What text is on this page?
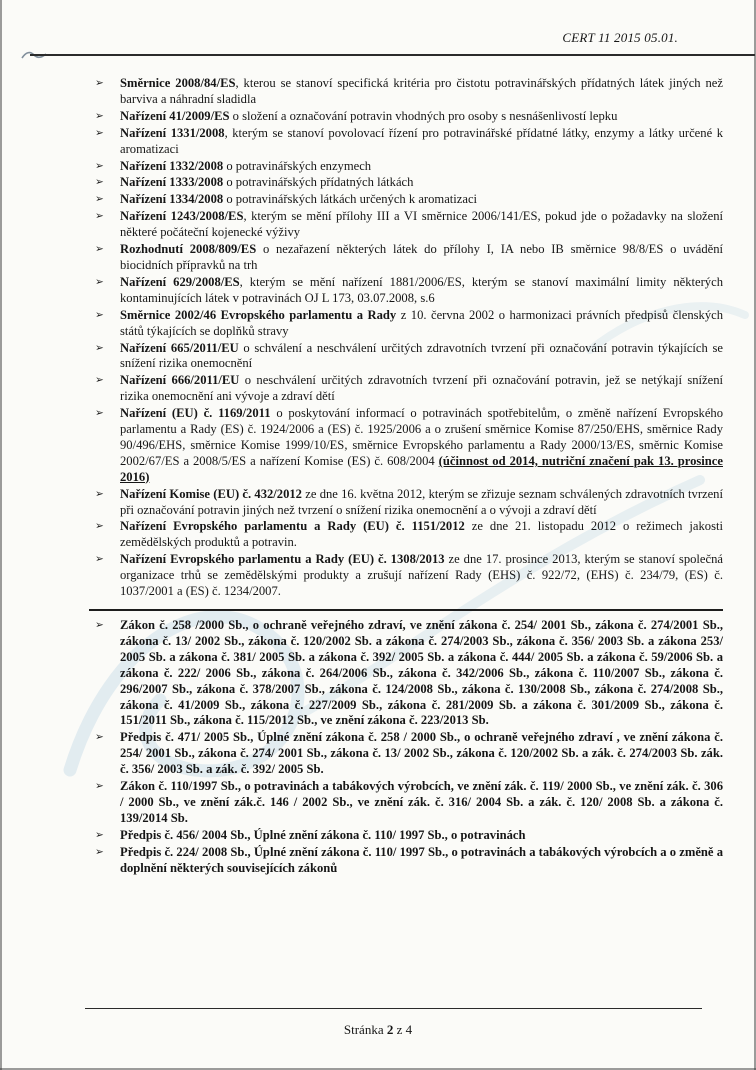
CERT 11 2015 05.01.
➢	Směrnice 2008/84/ES, kterou se stanoví specifická kritéria pro čistotu potravinářských přídatných látek jiných než barviva a náhradní sladidla
➢	Nařízení 41/2009/ES o složení a označování potravin vhodných pro osoby s nesnášenlivostí lepku
➢	Nařízení 1331/2008, kterým se stanoví povolovací řízení pro potravinářské přídatné látky, enzymy a látky určené k aromatizaci
➢	Nařízení 1332/2008 o potravinářských enzymech
➢	Nařízení 1333/2008 o potravinářských přídatných látkách
➢	Nařízení 1334/2008 o potravinářských látkách určených k aromatizaci
➢	Nařízení 1243/2008/ES, kterým se mění přílohy III a VI směrnice 2006/141/ES, pokud jde o požadavky na složení některé počáteční kojenecké výživy
➢	Rozhodnutí 2008/809/ES o nezařazení některých látek do přílohy I, IA nebo IB směrnice 98/8/ES o uvádění biocidních přípravků na trh
➢	Nařízení 629/2008/ES, kterým se mění nařízení 1881/2006/ES, kterým se stanoví maximální limity některých kontaminujících látek v potravinách OJ L 173, 03.07.2008, s.6
➢	Směrnice 2002/46 Evropského parlamentu a Rady z 10. června 2002 o harmonizaci právních předpisů členských států týkajících se doplňků stravy
➢	Nařízení 665/2011/EU o schválení a neschválení určitých zdravotních tvrzení při označování potravin týkajících se snížení rizika onemocnění
➢	Nařízení 666/2011/EU o neschválení určitých zdravotních tvrzení při označování potravin, jež se netýkají snížení rizika onemocnění ani vývoje a zdraví dětí
➢	Nařízení (EU) č. 1169/2011 o poskytování informací o potravinách spotřebitelům, o změně nařízení Evropského parlamentu a Rady (ES) č. 1924/2006 a (ES) č. 1925/2006 a o zrušení směrnice Komise 87/250/EHS, směrnice Rady 90/496/EHS, směrnice Komise 1999/10/ES, směrnice Evropského parlamentu a Rady 2000/13/ES, směrnic Komise 2002/67/ES a 2008/5/ES a nařízení Komise (ES) č. 608/2004 (účinnost od 2014, nutriční značení pak 13. prosince 2016)
➢	Nařízení Komise (EU) č. 432/2012 ze dne 16. května 2012, kterým se zřizuje seznam schválených zdravotních tvrzení při označování potravin jiných než tvrzení o snížení rizika onemocnění a o vývoji a zdraví dětí
➢	Nařízení Evropského parlamentu a Rady (EU) č. 1151/2012 ze dne 21. listopadu 2012 o režimech jakosti zemědělských produktů a potravin.
➢	Nařízení Evropského parlamentu a Rady (EU) č. 1308/2013 ze dne 17. prosince 2013, kterým se stanoví společná organizace trhů se zemědělskými produkty a zrušují nařízení Rady (EHS) č. 922/72, (EHS) č. 234/79, (ES) č. 1037/2001 a (ES) č. 1234/2007.
➢	Zákon č. 258 /2000 Sb., o ochraně veřejného zdraví, ve znění zákona č. 254/ 2001 Sb., zákona č. 274/2001 Sb., zákona č. 13/ 2002 Sb., zákona č. 120/2002 Sb. a zákona č. 274/2003 Sb., zákona č. 356/ 2003 Sb. a zákona 253/ 2005 Sb. a zákona č. 381/ 2005 Sb. a zákona č. 392/ 2005 Sb. a zákona č. 444/ 2005 Sb. a zákona č. 59/2006 Sb. a zákona č. 222/ 2006 Sb., zákona č. 264/2006 Sb., zákona č. 342/2006 Sb., zákona č. 110/2007 Sb., zákona č. 296/2007 Sb., zákona č. 378/2007 Sb., zákona č. 124/2008 Sb., zákona č. 130/2008 Sb., zákona č. 274/2008 Sb., zákona č. 41/2009 Sb., zákona č. 227/2009 Sb., zákona č. 281/2009 Sb. a zákona č. 301/2009 Sb., zákona č. 151/2011 Sb., zákona č. 115/2012 Sb., ve znění zákona č. 223/2013 Sb.
➢	Předpis č. 471/ 2005 Sb., Úplné znění zákona č. 258 / 2000 Sb., o ochraně veřejného zdraví , ve znění zákona č. 254/ 2001 Sb., zákona č. 274/ 2001 Sb., zákona č. 13/ 2002 Sb., zákona č. 120/2002 Sb. a zák. č. 274/2003 Sb. zák. č. 356/ 2003 Sb. a zák. č. 392/ 2005 Sb.
➢	Zákon č. 110/1997 Sb., o potravinách a tabákových výrobcích, ve znění zák. č. 119/ 2000 Sb., ve znění zák. č. 306 / 2000 Sb., ve znění zák.č. 146 / 2002 Sb., ve znění zák. č. 316/ 2004 Sb. a zák. č. 120/ 2008 Sb. a zákona č. 139/2014 Sb.
➢	Předpis č. 456/ 2004 Sb., Úplné znění zákona č. 110/ 1997 Sb., o potravinách
➢	Předpis č. 224/ 2008 Sb., Úplné znění zákona č. 110/ 1997 Sb., o potravinách a tabákových výrobcích a o změně a doplnění některých souvisejících zákonů
Stránka 2 z 4
